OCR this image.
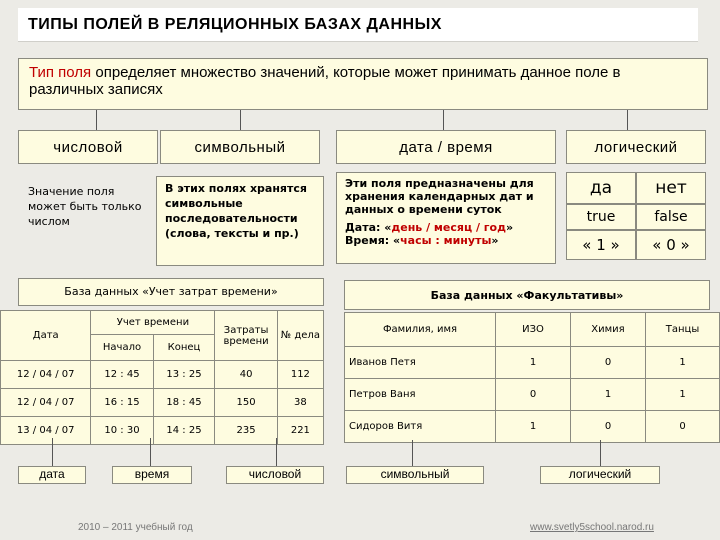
ТИПЫ ПОЛЕЙ В РЕЛЯЦИОННЫХ БАЗАХ ДАННЫХ
Тип поля определяет множество значений, которые может принимать данное поле в различных записях
числовой	символьный	дата / время	логический
Значение поля может быть только числом
В этих полях хранятся символьные последовательности (слова, тексты и пр.)
Эти поля предназначены для хранения календарных дат и данных о времени суток
Дата: «день / месяц / год»
Время: «часы : минуты»
да	нет
true	false
« 1 »	« 0 »
База данных «Учет затрат времени»	База данных «Факультативы»
Дата	Учет времени		Затраты времени	№ дела
	Начало	Конец		
12 / 04 / 07	12 : 45	13 : 25	40	112
12 / 04 / 07	16 : 15	18 : 45	150	38
13 / 04 / 07	10 : 30	14 : 25	235	221
Фамилия, имя	ИЗО	Химия	Танцы
Иванов Петя	1	0	1
Петров Ваня	0	1	1
Сидоров Витя	1	0	0
дата	время	числовой	символьный	логический
2010 – 2011 учебный год	www.svetly5school.narod.ru
